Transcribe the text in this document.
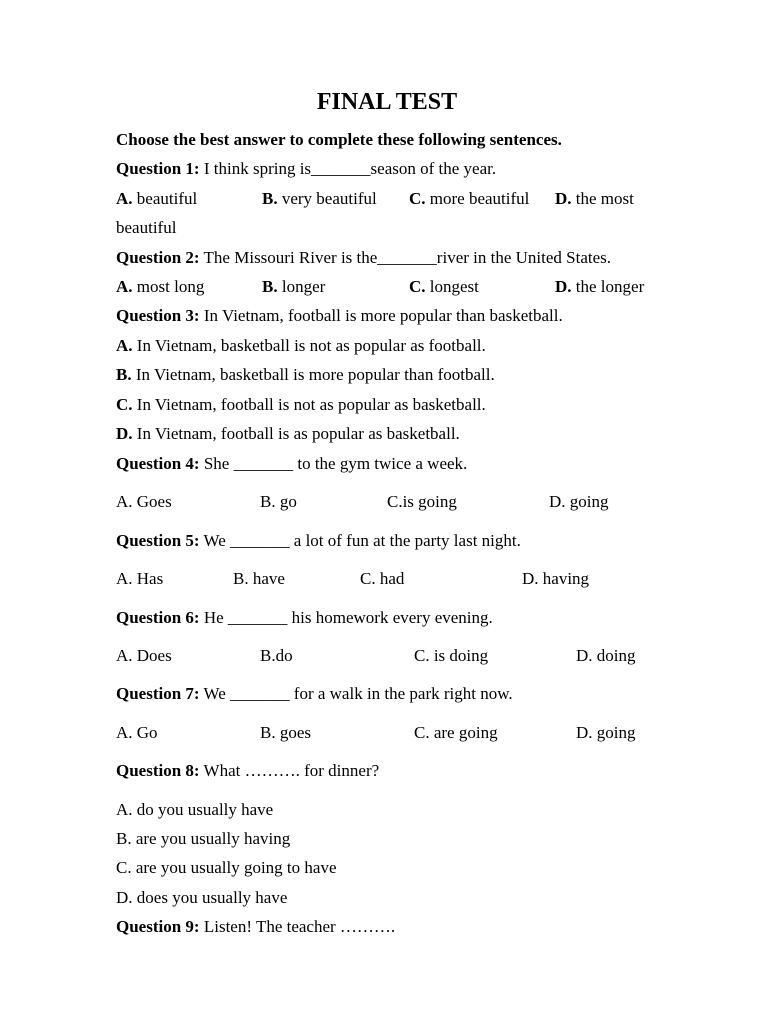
FINAL TEST
Choose the best answer to complete these following sentences.
Question 1: I think spring is_______season of the year.
A. beautiful	B. very beautiful C. more beautiful D. the most
beautiful
Question 2: The Missouri River is the_______river in the United States.
A. most long	B. longer	C. longest	D. the longer
Question 3: In Vietnam, football is more popular than basketball.
A. In Vietnam, basketball is not as popular as football.
B. In Vietnam, basketball is more popular than football.
C. In Vietnam, football is not as popular as basketball.
D. In Vietnam, football is as popular as basketball.
Question 4: She _______ to the gym twice a week.
A. Goes	B. go	C.is going	D. going
Question 5: We _______ a lot of fun at the party last night.
A. Has	B. have	C. had	D. having
Question 6: He _______ his homework every evening.
A. Does	B.do	C. is doing	D. doing
Question 7: We _______ for a walk in the park right now.
A. Go	B. goes	C. are going	D. going
Question 8: What ………. for dinner?
A. do you usually have
B. are you usually having
C. are you usually going to have
D. does you usually have
Question 9: Listen! The teacher ……….
